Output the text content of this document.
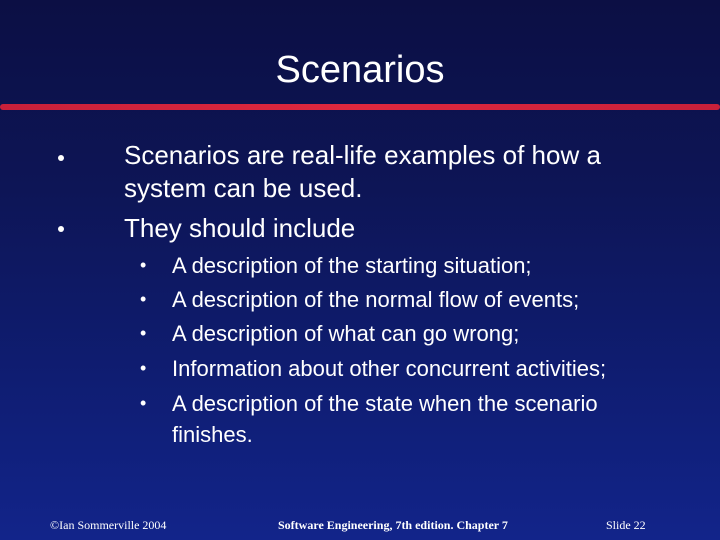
Scenarios
Scenarios are real-life examples of how a
system can be used.
They should include
• A description of the starting situation;
• A description of the normal flow of events;
• A description of what can go wrong;
• Information about other concurrent activities;
• A description of the state when the scenario
finishes.
©Ian Sommerville 2004	Software Engineering, 7th edition. Chapter 7	Slide 22
